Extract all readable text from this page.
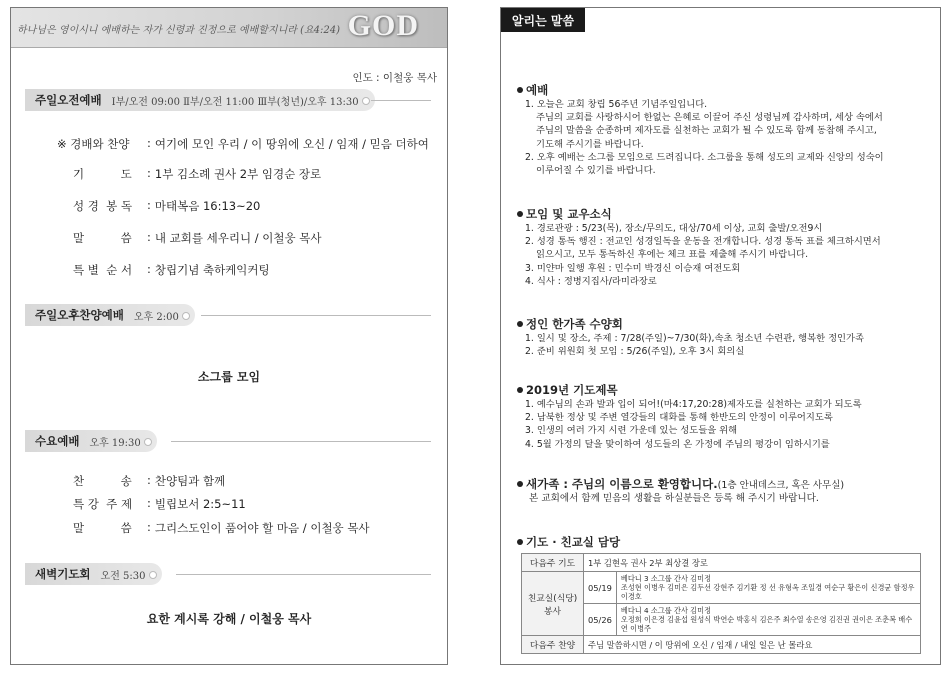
하나님은 영이시니 예배하는 자가 신령과 진정으로 예배할지니라 (요4:24) GOD
인도 : 이철웅 목사
주일오전예배 Ⅰ부/오전 09:00 Ⅱ부/오전 11:00 Ⅲ부(청년)/오후 13:30
※ 경배와 찬양	: 여기에 모인 우리 / 이 땅위에 오신 / 임재 / 믿음 더하여
기          도	: 1부 김소례 권사 2부 임경순 장로
성 경  봉 독	: 마태복음 16:13~20
말          씀	: 내 교회를 세우리니 / 이철웅 목사
특 별  순 서	: 창립기념 축하케익커팅
주일오후찬양예배 오후 2:00
소그룹 모임
수요예배 오후 19:30
찬          송	: 찬양팀과 함께
특 강  주 제	: 빌립보서 2:5~11
말          씀	: 그리스도인이 품어야 할 마음 / 이철웅 목사
새벽기도회 오전 5:30
요한 계시록 강해 / 이철웅 목사
알리는 말씀
예배
1. 오늘은 교회 창립 56주년 기념주일입니다.
주님의 교회를 사랑하시어 한없는 은혜로 이끌어 주신 성령님께 감사하며, 세상 속에서
주님의 말씀을 순종하며 제자도를 실천하는 교회가 될 수 있도록 함께 동참해 주시고,
기도해 주시기를 바랍니다.
2. 오후 예배는 소그룹 모임으로 드려집니다. 소그룹을 통해 성도의 교제와 신앙의 성숙이
이루어질 수 있기를 바랍니다.
모임 및 교우소식
1. 경로관광 : 5/23(목), 장소/무의도, 대상/70세 이상, 교회 출발/오전9시
2. 성경 통독 행진 : 전교인 성경일독을 운동을 전개합니다. 성경 통독 표를 체크하시면서
읽으시고, 모두 통독하신 후에는 체크 표를 제출해 주시기 바랍니다.
3. 미얀마 일행 후원 : 민수미 박경신 이승재 여전도회
4. 식사 : 정병지집사/라미라장로
정인 한가족 수양회
1. 일시 및 장소, 주제 : 7/28(주일)~7/30(화),속초 청소년 수련관, 행복한 정인가족
2. 준비 위원회 첫 모임 : 5/26(주일), 오후 3시 회의실
2019년 기도제목
1. 예수님의 손과 발과 입이 되어!(마4:17,20:28)제자도를 실천하는 교회가 되도록
2. 남북한 정상 및 주변 열강들의 대화를 통해 한반도의 안정이 이루어지도록
3. 인생의 여러 가지 시련 가운데 있는 성도들을 위해
4. 5월 가정의 달을 맞이하여 성도들의 온 가정에 주님의 평강이 임하시기를
새가족 : 주님의 이름으로 환영합니다. (1층 안내데스크, 혹은 사무실)
본 교회에서 함께 믿음의 생활을 하실분들은 등록 해 주시기 바랍니다.
기도 · 친교실 담당
다음주 기도	1부 김현옥 권사 2부 최상결 장로	
친교실(식당) 봉사	05/19	베다니 3 소그룹 간사 김미정
조성현 이병우 김미은 김두선 강현주 김기환 정 선 유형옥 조일경 여순구 황은이 신경균 함정우 이경호

	05/26	베다니 4 소그룹 간사 김미정
오정희 이은경 김윤섭 원성식 박연순 박홍식 김은주 최수열 송은영 김진권 권이은 조춘복 배수연 이병주

다음주 찬양	주님 말씀하시면 / 이 땅위에 오신 / 임재 / 내일 일은 난 몰라요	
